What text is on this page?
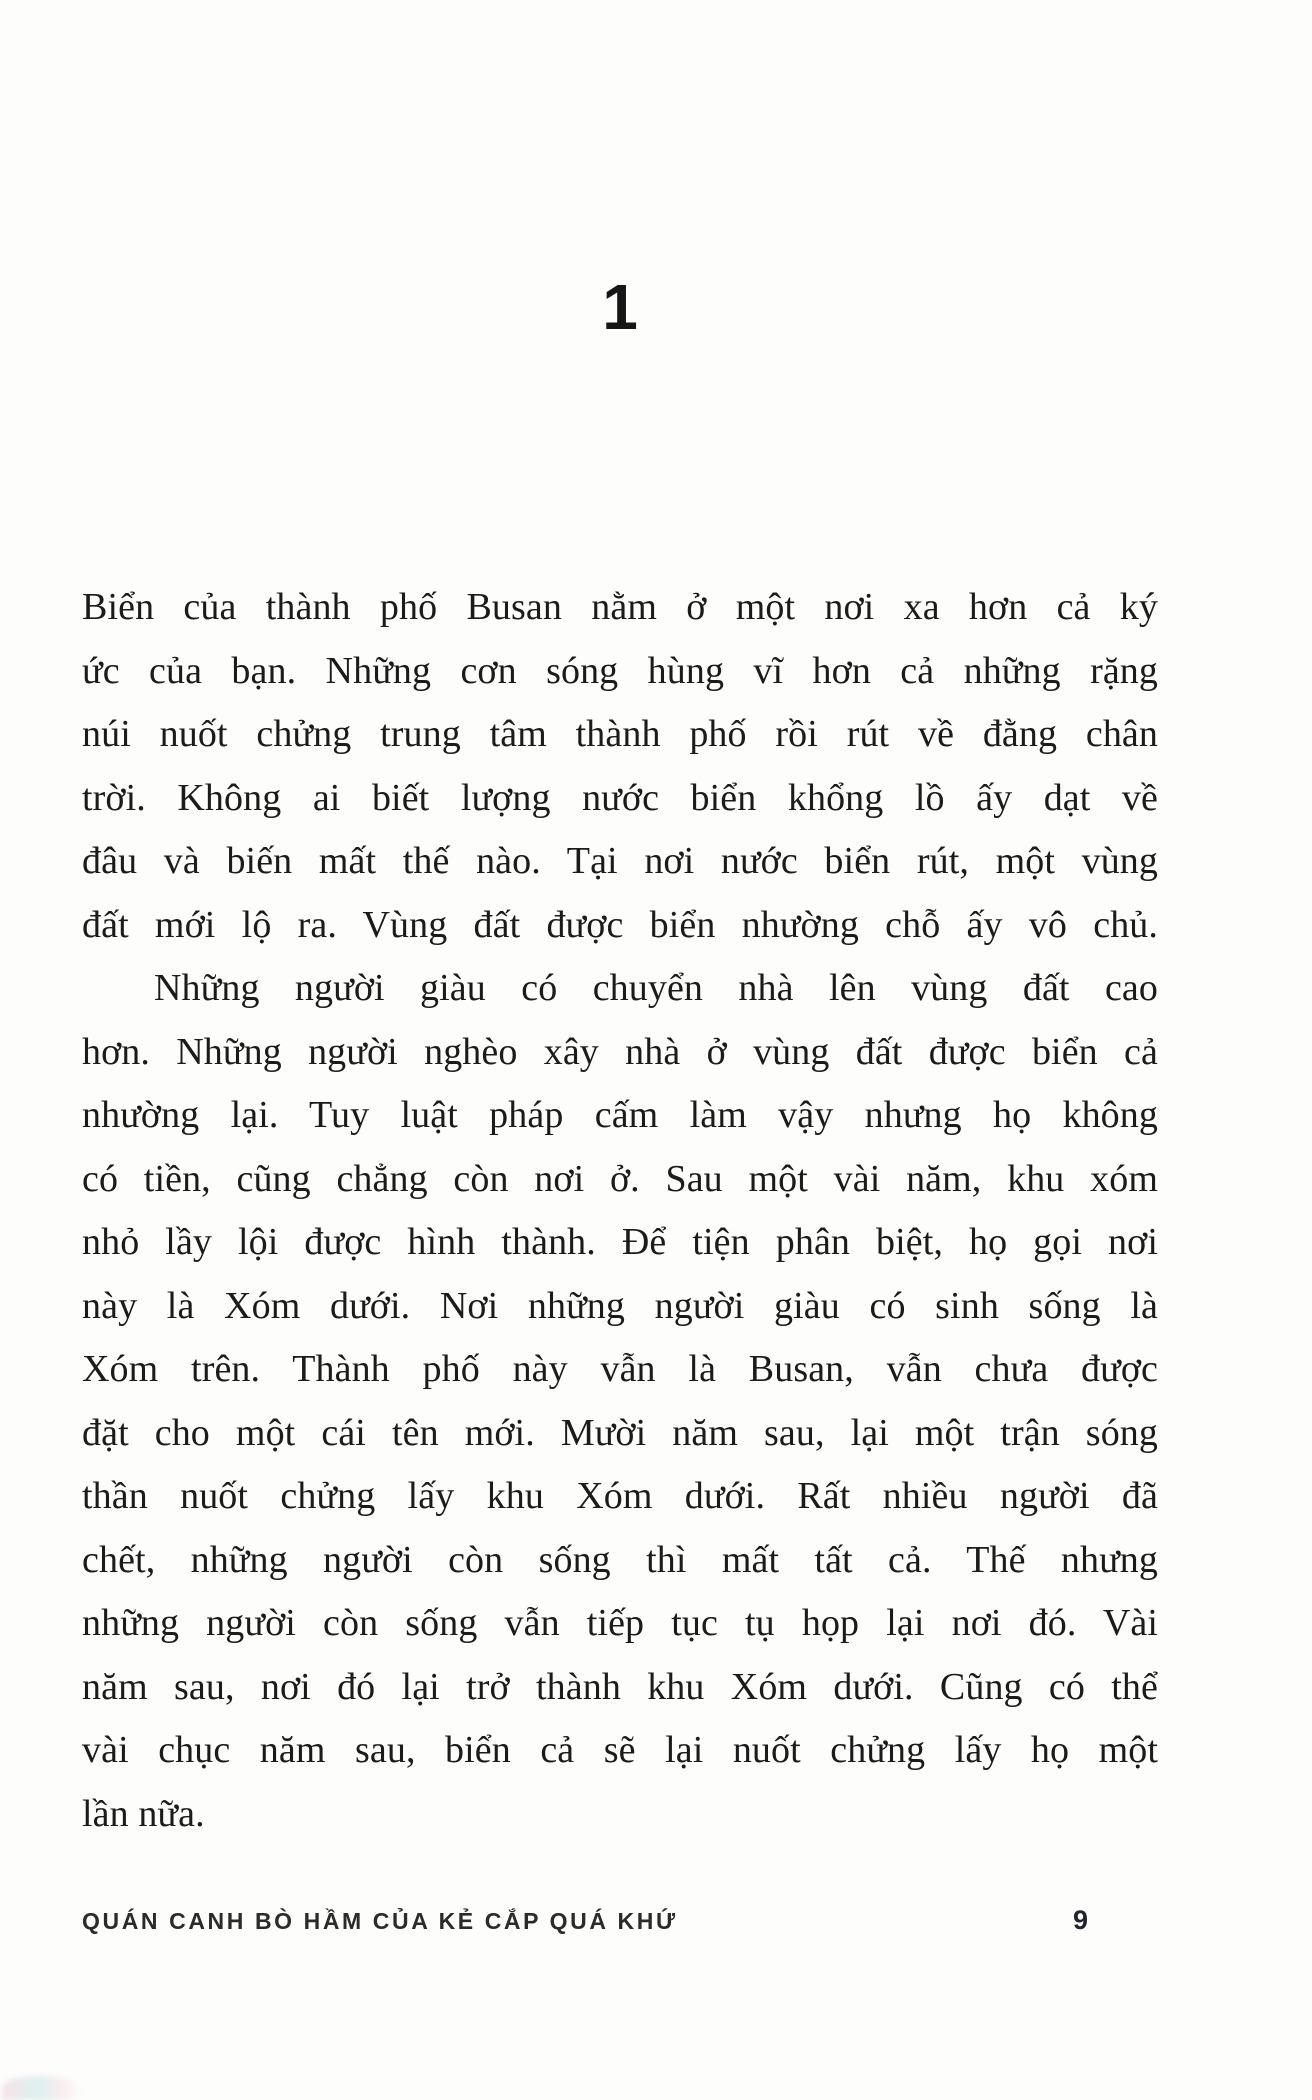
1
Biển của thành phố Busan nằm ở một nơi xa hơn cả ký
ức của bạn. Những cơn sóng hùng vĩ hơn cả những rặng
núi nuốt chửng trung tâm thành phố rồi rút về đằng chân
trời. Không ai biết lượng nước biển khổng lồ ấy dạt về
đâu và biến mất thế nào. Tại nơi nước biển rút, một vùng
đất mới lộ ra. Vùng đất được biển nhường chỗ ấy vô chủ.
Những người giàu có chuyển nhà lên vùng đất cao
hơn. Những người nghèo xây nhà ở vùng đất được biển cả
nhường lại. Tuy luật pháp cấm làm vậy nhưng họ không
có tiền, cũng chẳng còn nơi ở. Sau một vài năm, khu xóm
nhỏ lầy lội được hình thành. Để tiện phân biệt, họ gọi nơi
này là Xóm dưới. Nơi những người giàu có sinh sống là
Xóm trên. Thành phố này vẫn là Busan, vẫn chưa được
đặt cho một cái tên mới. Mười năm sau, lại một trận sóng
thần nuốt chửng lấy khu Xóm dưới. Rất nhiều người đã
chết, những người còn sống thì mất tất cả. Thế nhưng
những người còn sống vẫn tiếp tục tụ họp lại nơi đó. Vài
năm sau, nơi đó lại trở thành khu Xóm dưới. Cũng có thể
vài chục năm sau, biển cả sẽ lại nuốt chửng lấy họ một
lần nữa.
QUÁN CANH BÒ HẦM CỦA KẺ CẮP QUÁ KHỨ	9
